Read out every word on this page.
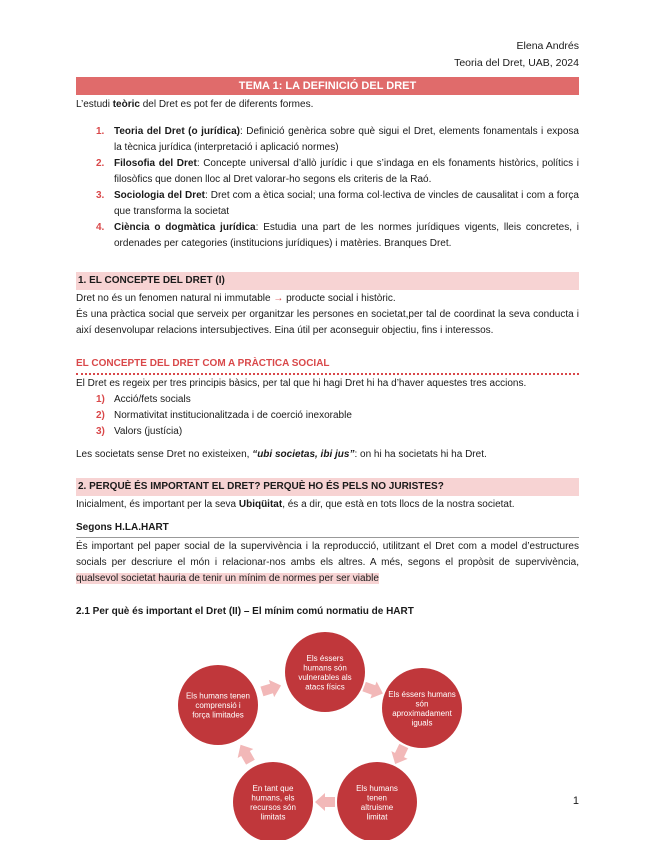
Elena Andrés
Teoria del Dret, UAB, 2024
TEMA 1: LA DEFINICIÓ DEL DRET
L’estudi teòric del Dret es pot fer de diferents formes.
1. Teoria del Dret (o jurídica): Definició genèrica sobre què sigui el Dret, elements fonamentals i exposa la tècnica jurídica (interpretació i aplicació normes)
2. Filosofia del Dret: Concepte universal d’allò jurídic i que s’indaga en els fonaments històrics, polítics i filosòfics que donen lloc al Dret valorar-ho segons els criteris de la Raó.
3. Sociologia del Dret: Dret com a ètica social; una forma col·lectiva de vincles de causalitat i com a força que transforma la societat
4. Ciència o dogmàtica jurídica: Estudia una part de les normes jurídiques vigents, lleis concretes, i ordenades per categories (institucions jurídiques) i matèries. Branques Dret.
1. EL CONCEPTE DEL DRET (I)
Dret no és un fenomen natural ni immutable → producte social i històric.
És una pràctica social que serveix per organitzar les persones en societat,per tal de coordinat la seva conducta i així desenvolupar relacions intersubjectives. Eina útil per aconseguir objectiu, fins i interessos.
EL CONCEPTE DEL DRET COM A PRÀCTICA SOCIAL
El Dret es regeix per tres principis bàsics, per tal que hi hagi Dret hi ha d’haver aquestes tres accions.
1) Acció/fets socials
2) Normativitat institucionalitzada i de coerció inexorable
3) Valors (justícia)
Les societats sense Dret no existeixen, “ubi societas, ibi jus”: on hi ha societats hi ha Dret.
2. PERQUÈ ÉS IMPORTANT EL DRET? PERQUÈ HO ÉS PELS NO JURISTES?
Inicialment, és important per la seva Ubiqüitat, és a dir, que està en tots llocs de la nostra societat.
Segons H.LA.HART
És important pel paper social de la supervivència i la reproducció, utilitzant el Dret com a model d’estructures socials per descriure el món i relacionar-nos ambs els altres. A més, segons el propòsit de supervivència, qualsevol societat hauria de tenir un mínim de normes per ser viable
2.1 Per què és important el Dret (II) – El mínim comú normatiu de HART
Els éssers humans són vulnerables als atacs físics
Els éssers humans són aproximadament iguals
Els humans tenen altruisme limitat
En tant que humans, els recursos són limitats
Els humans tenen comprensió i força limitades
1
